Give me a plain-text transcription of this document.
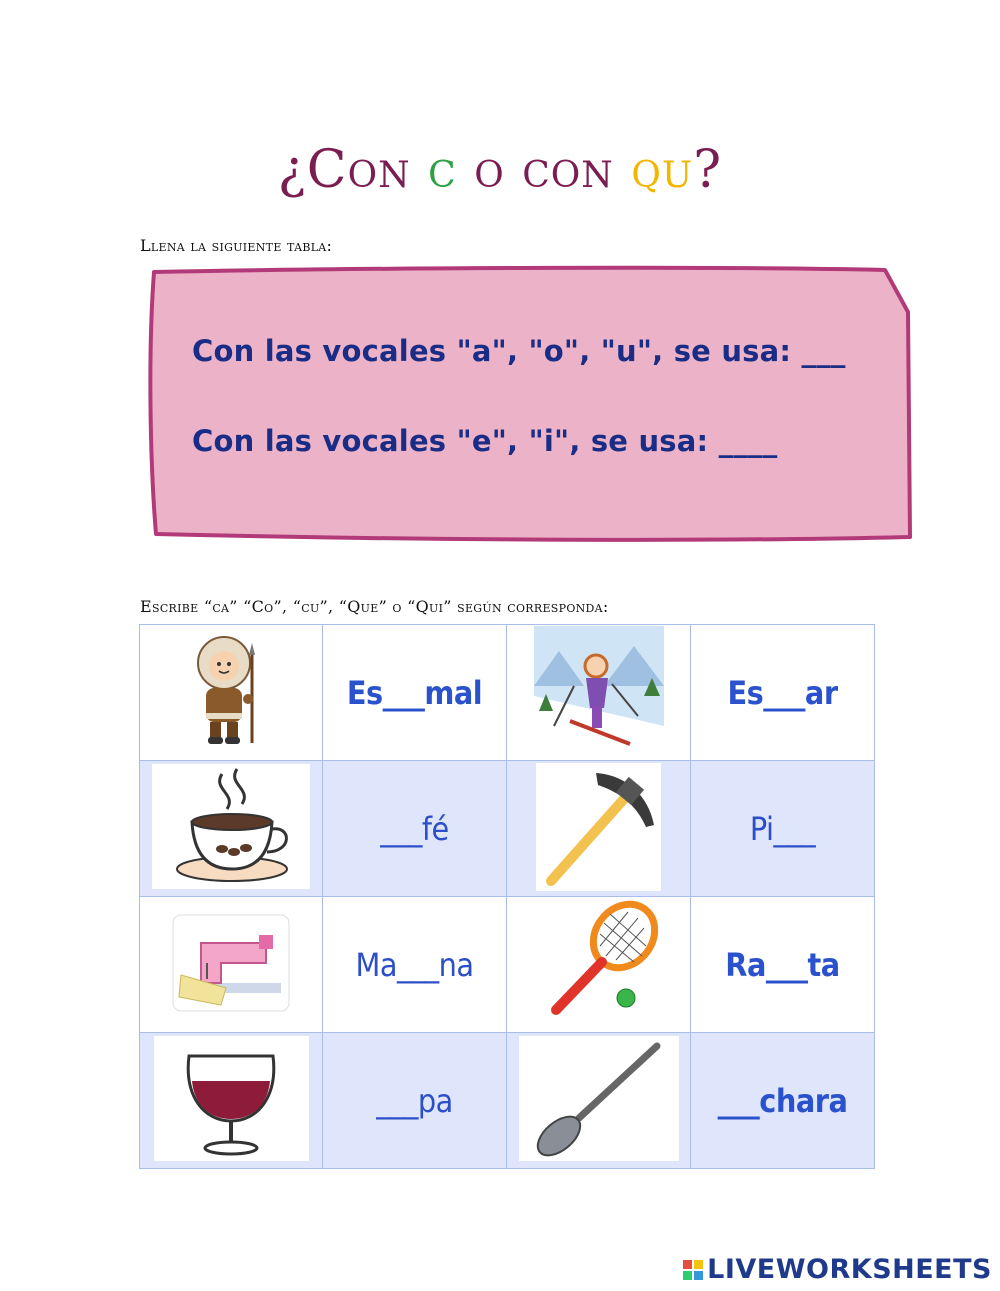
¿Con c o con qu?
Llena la siguiente tabla:
Con las vocales "a", "o", "u", se usa: ___
Con las vocales "e", "i", se usa: ____
Escribe “ca” “Co”, “cu”, “Que” o “Qui” según corresponda:
	Es___mal		Es___ar
	___fé		Pi___
	Ma___na		Ra___ta
	___pa		___chara
LIVEWORKSHEETS
